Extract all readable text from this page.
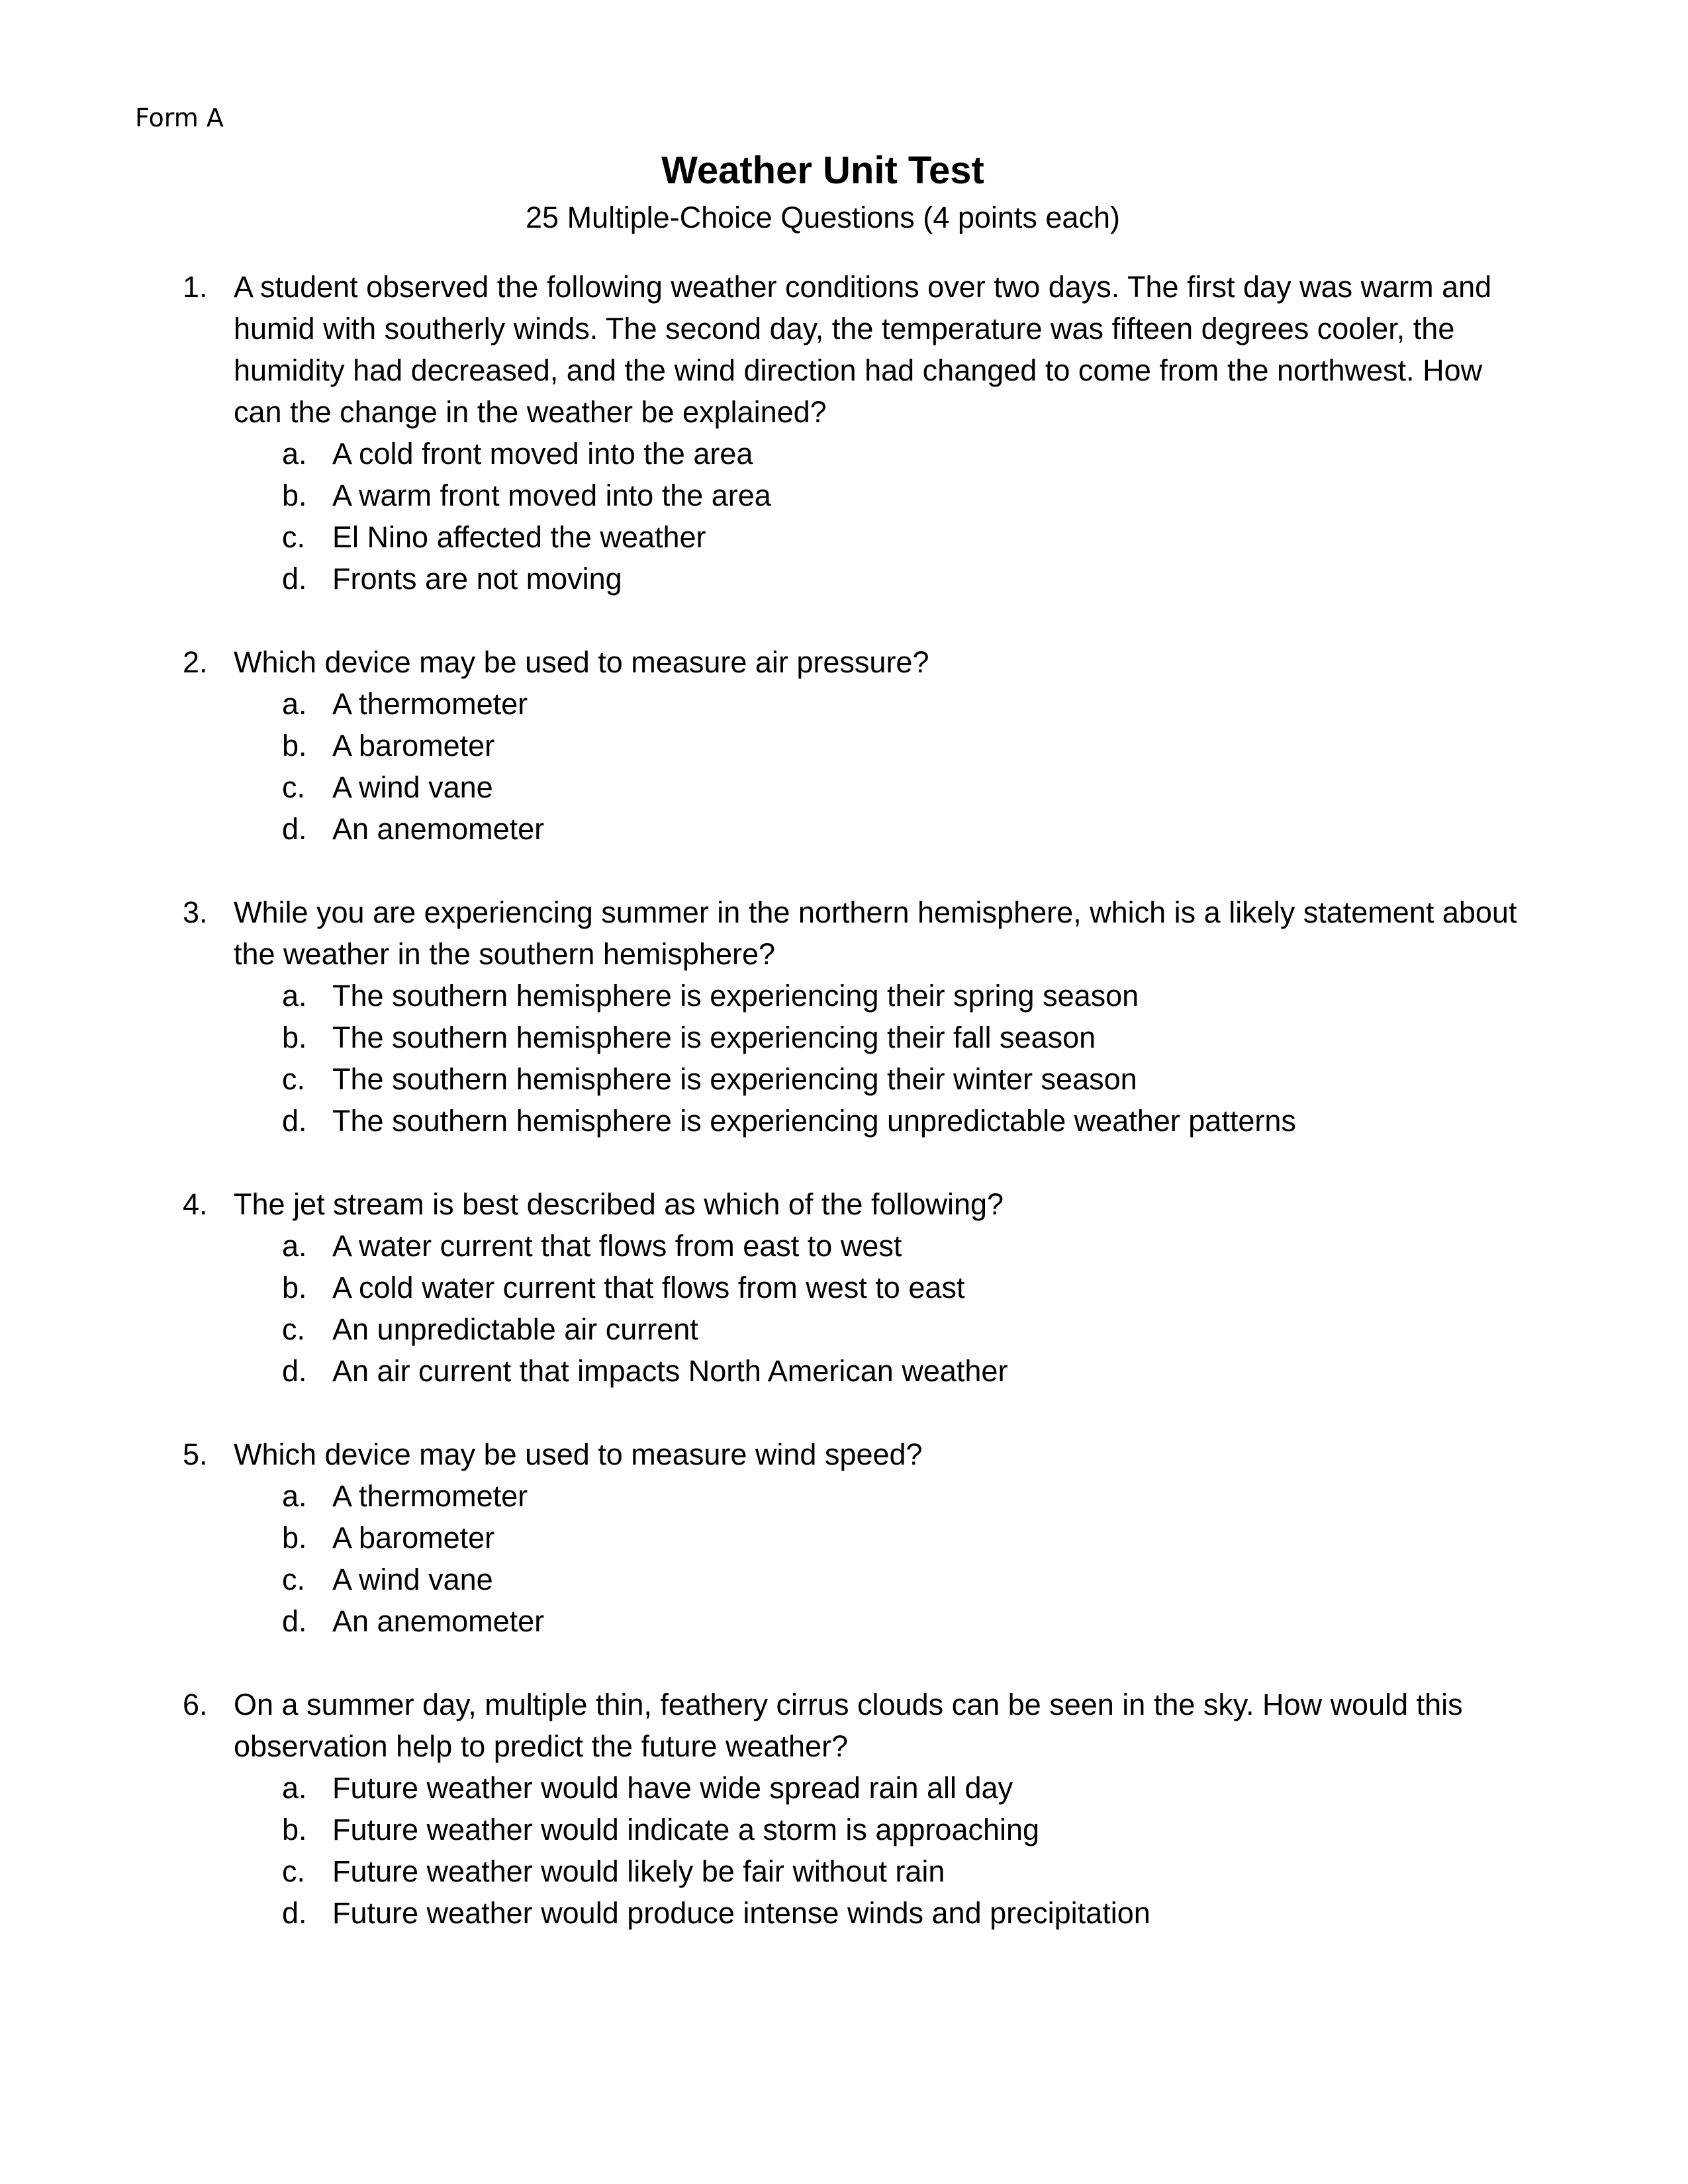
Form A
Weather Unit Test
25 Multiple-Choice Questions (4 points each)
1. A student observed the following weather conditions over two days. The first day was warm and humid with southerly winds. The second day, the temperature was fifteen degrees cooler, the humidity had decreased, and the wind direction had changed to come from the northwest. How can the change in the weather be explained?
a. A cold front moved into the area
b. A warm front moved into the area
c. El Nino affected the weather
d. Fronts are not moving
2. Which device may be used to measure air pressure?
a. A thermometer
b. A barometer
c. A wind vane
d. An anemometer
3. While you are experiencing summer in the northern hemisphere, which is a likely statement about the weather in the southern hemisphere?
a. The southern hemisphere is experiencing their spring season
b. The southern hemisphere is experiencing their fall season
c. The southern hemisphere is experiencing their winter season
d. The southern hemisphere is experiencing unpredictable weather patterns
4. The jet stream is best described as which of the following?
a. A water current that flows from east to west
b. A cold water current that flows from west to east
c. An unpredictable air current
d. An air current that impacts North American weather
5. Which device may be used to measure wind speed?
a. A thermometer
b. A barometer
c. A wind vane
d. An anemometer
6. On a summer day, multiple thin, feathery cirrus clouds can be seen in the sky. How would this observation help to predict the future weather?
a. Future weather would have wide spread rain all day
b. Future weather would indicate a storm is approaching
c. Future weather would likely be fair without rain
d. Future weather would produce intense winds and precipitation
